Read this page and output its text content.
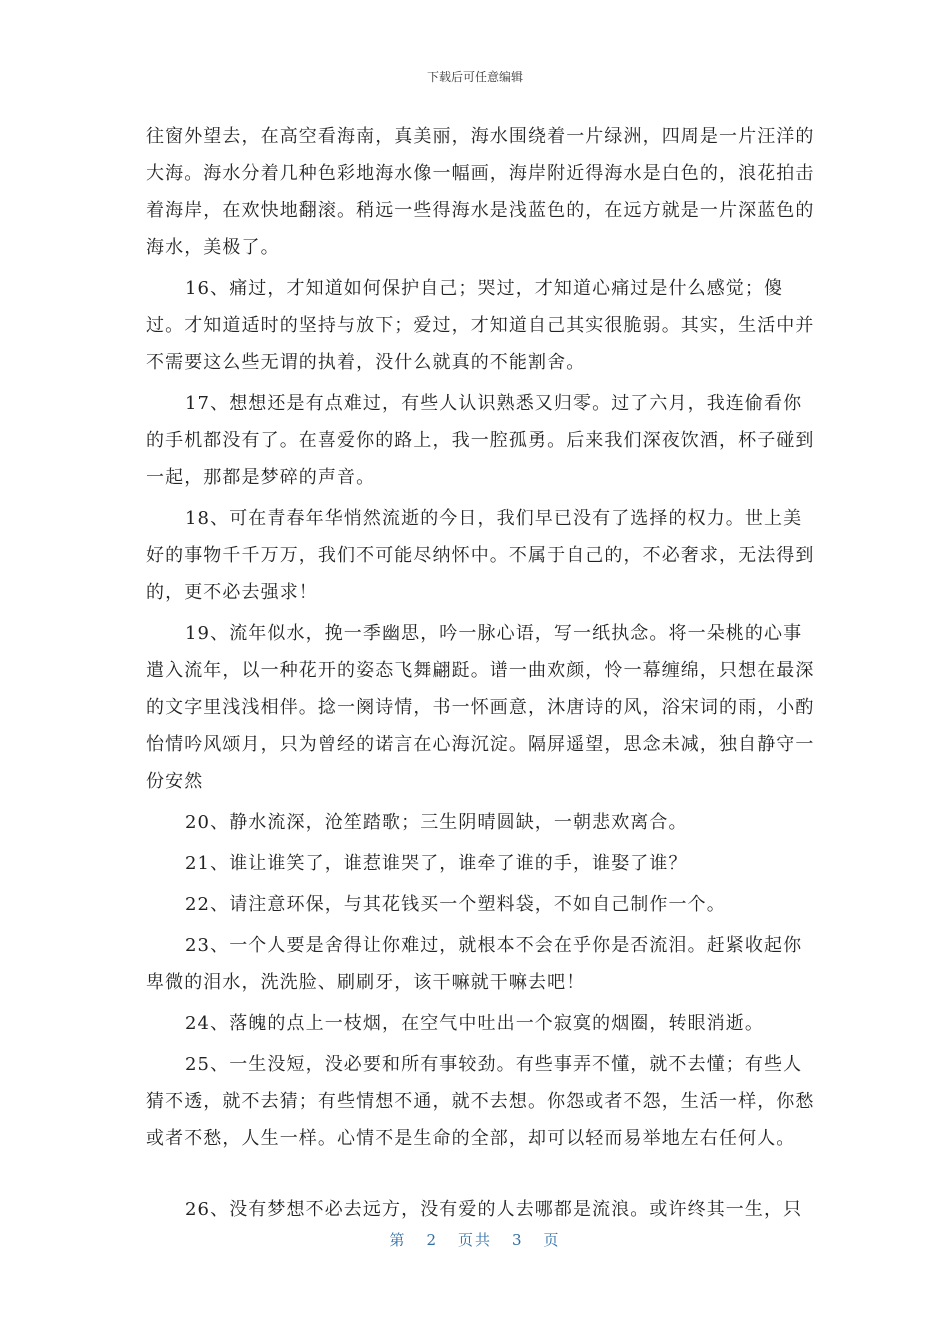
下载后可任意编辑

往窗外望去，在高空看海南，真美丽，海水围绕着一片绿洲，四周是一片汪洋的大海。海水分着几种色彩地海水像一幅画，海岸附近得海水是白色的，浪花拍击着海岸，在欢快地翻滚。稍远一些得海水是浅蓝色的，在远方就是一片深蓝色的海水，美极了。

16、痛过，才知道如何保护自己；哭过，才知道心痛过是什么感觉；傻过。才知道适时的坚持与放下；爱过，才知道自己其实很脆弱。其实，生活中并不需要这么些无谓的执着，没什么就真的不能割舍。

17、想想还是有点难过，有些人认识熟悉又归零。过了六月，我连偷看你的手机都没有了。在喜爱你的路上，我一腔孤勇。后来我们深夜饮酒，杯子碰到一起，那都是梦碎的声音。

18、可在青春年华悄然流逝的今日，我们早已没有了选择的权力。世上美好的事物千千万万，我们不可能尽纳怀中。不属于自己的，不必奢求，无法得到的，更不必去强求！

19、流年似水，挽一季幽思，吟一脉心语，写一纸执念。将一朵桃的心事遣入流年，以一种花开的姿态飞舞翩跹。谱一曲欢颜，怜一幕缠绵，只想在最深的文字里浅浅相伴。捻一阕诗情，书一怀画意，沐唐诗的风，浴宋词的雨，小酌怡情吟风颂月，只为曾经的诺言在心海沉淀。隔屏遥望，思念未减，独自静守一份安然

20、静水流深，沧笙踏歌；三生阴晴圆缺，一朝悲欢离合。

21、谁让谁笑了，谁惹谁哭了，谁牵了谁的手，谁娶了谁？

22、请注意环保，与其花钱买一个塑料袋，不如自己制作一个。

23、一个人要是舍得让你难过，就根本不会在乎你是否流泪。赶紧收起你卑微的泪水，洗洗脸、刷刷牙，该干嘛就干嘛去吧！

24、落魄的点上一枝烟，在空气中吐出一个寂寞的烟圈，转眼消逝。

25、一生没短，没必要和所有事较劲。有些事弄不懂，就不去懂；有些人猜不透，就不去猜；有些情想不通，就不去想。你怨或者不怨，生活一样，你愁或者不愁，人生一样。心情不是生命的全部，却可以轻而易举地左右任何人。

26、没有梦想不必去远方，没有爱的人去哪都是流浪。或许终其一生，只

第 2 页共 3 页
